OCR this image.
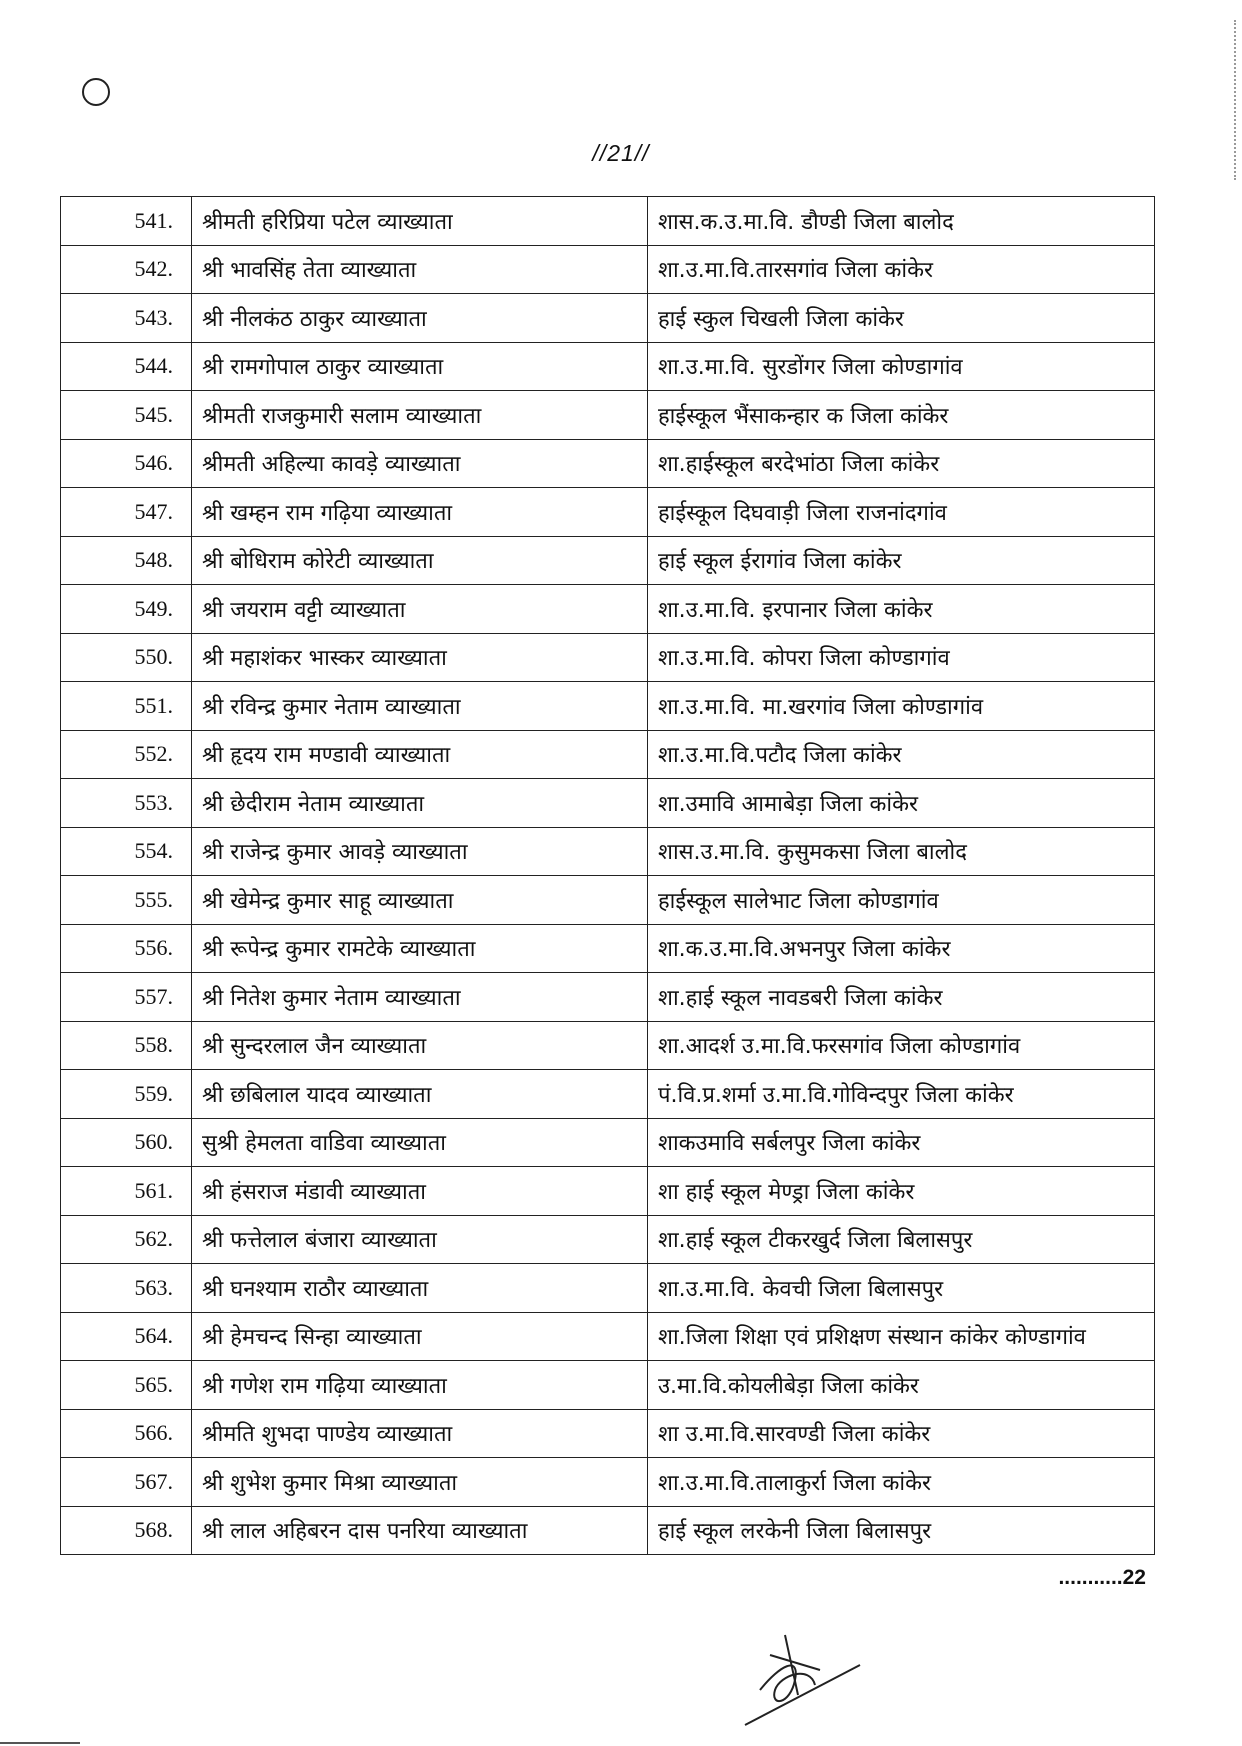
//21//
541.	श्रीमती हरिप्रिया पटेल व्याख्याता	शास.क.उ.मा.वि. डौण्डी जिला बालोद
542.	श्री भावसिंह तेता व्याख्याता	शा.उ.मा.वि.तारसगांव जिला कांकेर
543.	श्री नीलकंठ ठाकुर व्याख्याता	हाई स्कुल चिखली जिला कांकेर
544.	श्री रामगोपाल ठाकुर व्याख्याता	शा.उ.मा.वि. सुरडोंगर जिला कोण्डागांव
545.	श्रीमती राजकुमारी सलाम व्याख्याता	हाईस्कूल भैंसाकन्हार क जिला कांकेर
546.	श्रीमती अहिल्या कावड़े व्याख्याता	शा.हाईस्कूल बरदेभांठा जिला कांकेर
547.	श्री खम्हन राम गढ़िया व्याख्याता	हाईस्कूल दिघवाड़ी जिला राजनांदगांव
548.	श्री बोधिराम कोरेटी व्याख्याता	हाई स्कूल ईरागांव जिला कांकेर
549.	श्री जयराम वट्टी व्याख्याता	शा.उ.मा.वि. इरपानार जिला कांकेर
550.	श्री महाशंकर भास्कर व्याख्याता	शा.उ.मा.वि. कोपरा जिला कोण्डागांव
551.	श्री रविन्द्र कुमार नेताम व्याख्याता	शा.उ.मा.वि. मा.खरगांव जिला कोण्डागांव
552.	श्री हृदय राम मण्डावी व्याख्याता	शा.उ.मा.वि.पटौद जिला कांकेर
553.	श्री छेदीराम नेताम व्याख्याता	शा.उमावि आमाबेड़ा जिला कांकेर
554.	श्री राजेन्द्र कुमार आवड़े व्याख्याता	शास.उ.मा.वि. कुसुमकसा जिला बालोद
555.	श्री खेमेन्द्र कुमार साहू व्याख्याता	हाईस्कूल सालेभाट जिला कोण्डागांव
556.	श्री रूपेन्द्र कुमार रामटेके व्याख्याता	शा.क.उ.मा.वि.अभनपुर जिला कांकेर
557.	श्री नितेश कुमार नेताम व्याख्याता	शा.हाई स्कूल नावडबरी जिला कांकेर
558.	श्री सुन्दरलाल जैन व्याख्याता	शा.आदर्श उ.मा.वि.फरसगांव जिला कोण्डागांव
559.	श्री छबिलाल यादव व्याख्याता	पं.वि.प्र.शर्मा उ.मा.वि.गोविन्दपुर जिला कांकेर
560.	सुश्री हेमलता वाडिवा व्याख्याता	शाकउमावि सर्बलपुर जिला कांकेर
561.	श्री हंसराज मंडावी व्याख्याता	शा हाई स्कूल मेण्ड्रा जिला कांकेर
562.	श्री फत्तेलाल बंजारा व्याख्याता	शा.हाई स्कूल टीकरखुर्द जिला बिलासपुर
563.	श्री घनश्याम राठौर व्याख्याता	शा.उ.मा.वि. केवची जिला बिलासपुर
564.	श्री हेमचन्द सिन्हा व्याख्याता	शा.जिला शिक्षा एवं प्रशिक्षण संस्थान कांकेर कोण्डागांव
565.	श्री गणेश राम गढ़िया व्याख्याता	उ.मा.वि.कोयलीबेड़ा जिला कांकेर
566.	श्रीमति शुभदा पाण्डेय व्याख्याता	शा उ.मा.वि.सारवण्डी जिला कांकेर
567.	श्री शुभेश कुमार मिश्रा व्याख्याता	शा.उ.मा.वि.तालाकुर्रा जिला कांकेर
568.	श्री लाल अहिबरन दास पनरिया व्याख्याता	हाई स्कूल लरकेनी जिला बिलासपुर
...........22
